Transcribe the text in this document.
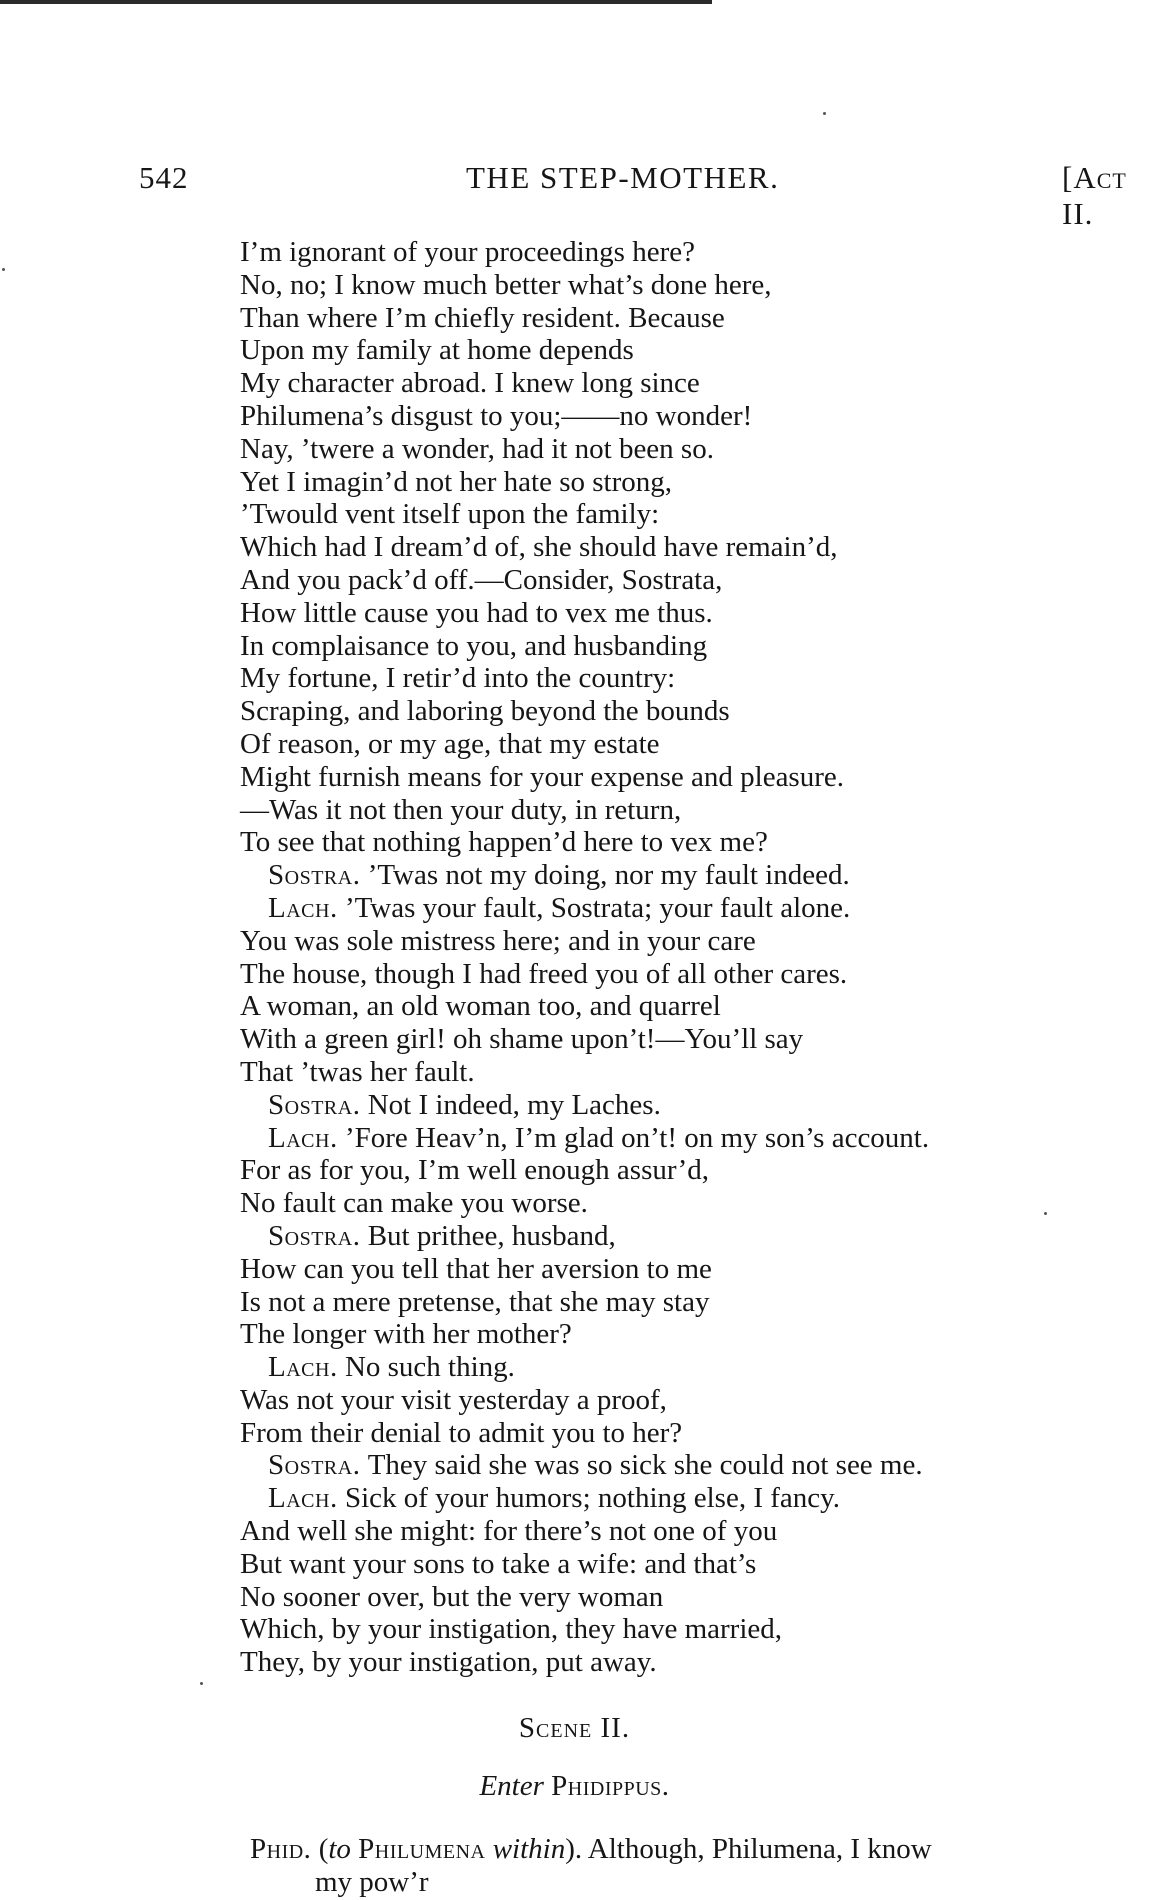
542	THE STEP-MOTHER.	[Act II.
I’m ignorant of your proceedings here?
No, no; I know much better what’s done here,
Than where I’m chiefly resident. Because
Upon my family at home depends
My character abroad. I knew long since
Philumena’s disgust to you;——no wonder!
Nay, ’twere a wonder, had it not been so.
Yet I imagin’d not her hate so strong,
’Twould vent itself upon the family:
Which had I dream’d of, she should have remain’d,
And you pack’d off.—Consider, Sostrata,
How little cause you had to vex me thus.
In complaisance to you, and husbanding
My fortune, I retir’d into the country:
Scraping, and laboring beyond the bounds
Of reason, or my age, that my estate
Might furnish means for your expense and pleasure.
—Was it not then your duty, in return,
To see that nothing happen’d here to vex me?
Sostra. ’Twas not my doing, nor my fault indeed.
Lach. ’Twas your fault, Sostrata; your fault alone.
You was sole mistress here; and in your care
The house, though I had freed you of all other cares.
A woman, an old woman too, and quarrel
With a green girl! oh shame upon’t!—You’ll say
That ’twas her fault.
Sostra. Not I indeed, my Laches.
Lach. ’Fore Heav’n, I’m glad on’t! on my son’s account.
For as for you, I’m well enough assur’d,
No fault can make you worse.
Sostra. But prithee, husband,
How can you tell that her aversion to me
Is not a mere pretense, that she may stay
The longer with her mother?
Lach. No such thing.
Was not your visit yesterday a proof,
From their denial to admit you to her?
Sostra. They said she was so sick she could not see me.
Lach. Sick of your humors; nothing else, I fancy.
And well she might: for there’s not one of you
But want your sons to take a wife: and that’s
No sooner over, but the very woman
Which, by your instigation, they have married,
They, by your instigation, put away.
Scene II.
Enter Phidippus.
Phid. (to Philumena within). Although, Philumena, I know
my pow’r
